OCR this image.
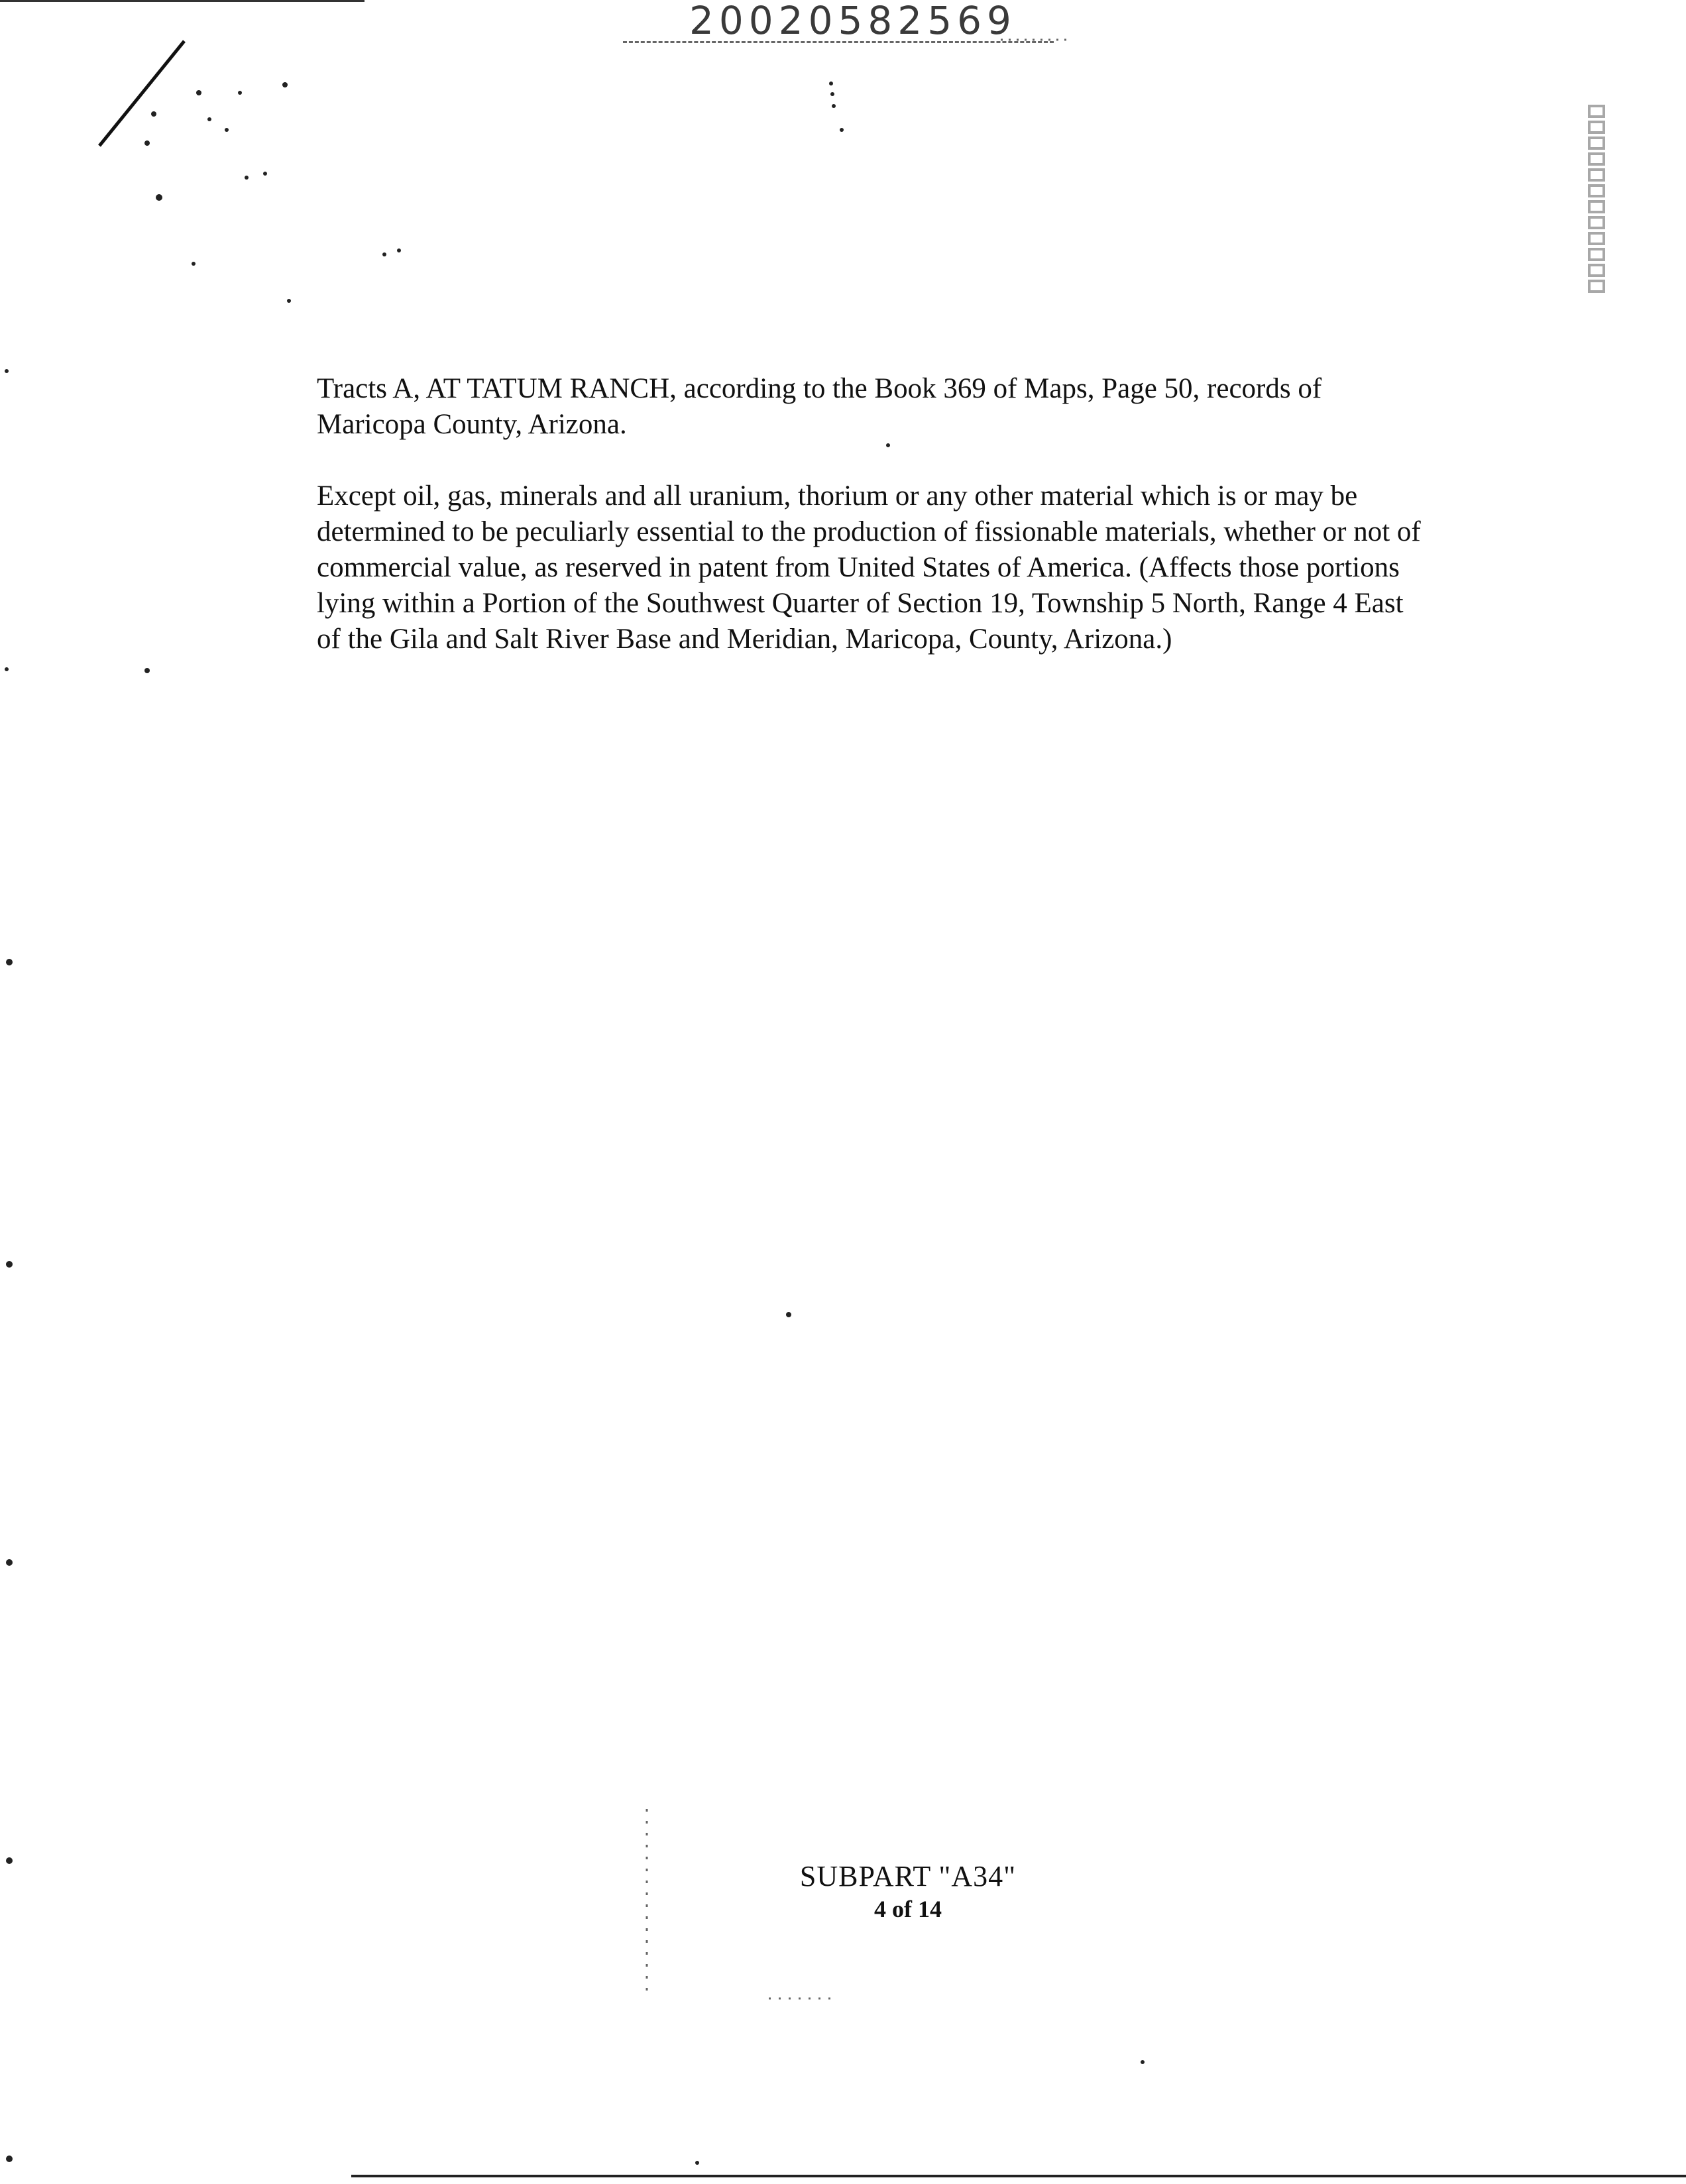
20020582569

Tracts A, AT TATUM RANCH, according to the Book 369 of Maps, Page 50, records of Maricopa County, Arizona.

Except oil, gas, minerals and all uranium, thorium or any other material which is or may be determined to be peculiarly essential to the production of fissionable materials, whether or not of commercial value, as reserved in patent from United States of America. (Affects those portions lying within a Portion of the Southwest Quarter of Section 19, Township 5 North, Range 4 East of the Gila and Salt River Base and Meridian, Maricopa, County, Arizona.)

SUBPART "A34"
4 of 14
